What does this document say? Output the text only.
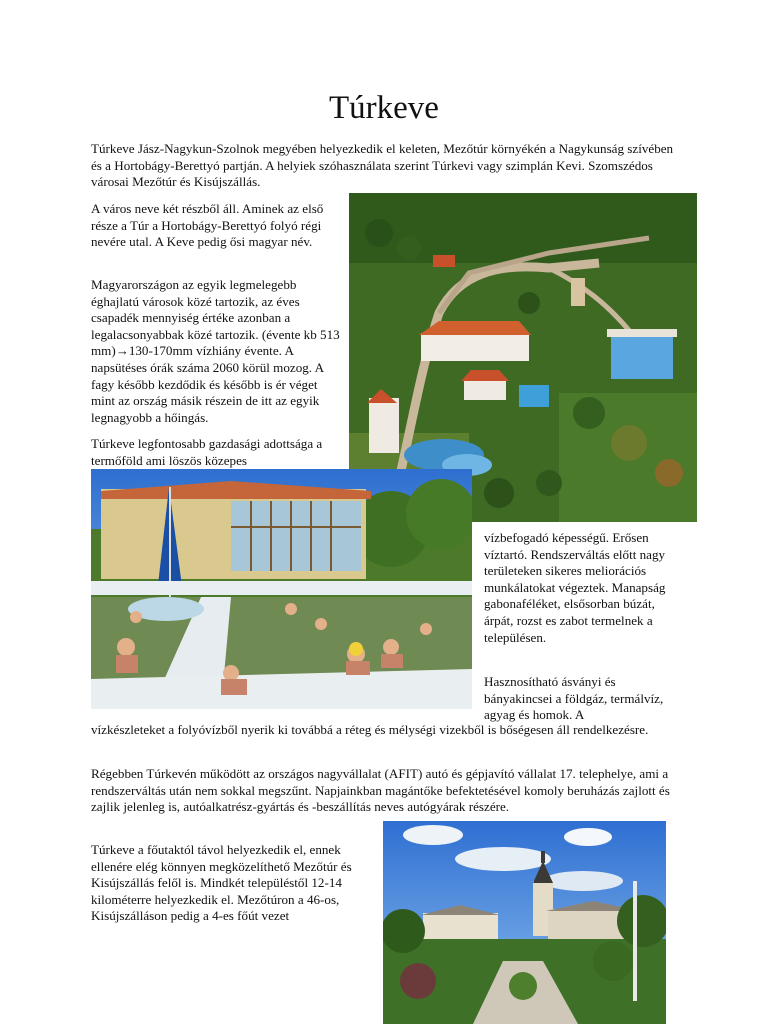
Túrkeve

Túrkeve Jász-Nagykun-Szolnok megyében helyezkedik el keleten, Mezőtúr környékén a Nagykunság szívében és a Hortobágy-Berettyó partján. A helyiek szóhasználata szerint Túrkevi vagy szimplán Kevi. Szomszédos városai Mezőtúr és Kisújszállás.

A város neve két részből áll. Aminek az első része a Túr a Hortobágy-Berettyó folyó régi nevére utal. A Keve pedig ősi magyar név.

Magyarországon az egyik legmelegebb éghajlatú városok közé tartozik, az éves csapadék mennyiség értéke azonban a legalacsonyabbak közé tartozik. (évente kb 513 mm)→130-170mm vízhiány évente. A napsütéses órák száma 2060 körül mozog. A fagy később kezdődik és később is ér véget mint az ország másik részein de itt az egyik legnagyobb a hőingás.

Túrkeve legfontosabb gazdasági adottsága a termőföld ami löszös közepes

vízbefogadó képességű. Erősen víztartó. Rendszerváltás előtt nagy területeken sikeres meliorációs munkálatokat végeztek. Manapság gabonaféléket, elsősorban búzát, árpát, rozst es zabot termelnek a településen.

Hasznosítható ásványi és bányakincsei a földgáz, termálvíz, agyag és homok. A

vízkészleteket a folyóvízből nyerik ki továbbá a réteg és mélységi vizekből is bőségesen áll rendelkezésre.

Régebben Túrkevén működött az országos nagyvállalat (AFIT) autó és gépjavító vállalat 17. telephelye, ami a rendszerváltás után nem sokkal megszűnt. Napjainkban magántőke befektetésével komoly beruházás zajlott és zajlik jelenleg is, autóalkatrész-gyártás és -beszállítás neves autógyárak részére.

Túrkeve a főutaktól távol helyezkedik el, ennek ellenére elég könnyen megközelíthető Mezőtúr és Kisújszállás felől is. Mindkét településtől 12-14 kilométerre helyezkedik el. Mezőtúron a 46-os, Kisújszálláson pedig a 4-es főút vezet
